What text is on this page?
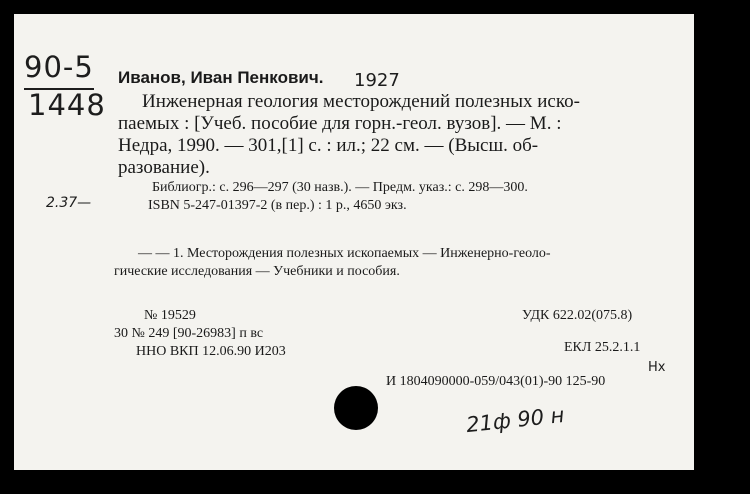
90-5
1448
Иванов, Иван Пенкович. 1927
Инженерная геология месторождений полезных иско-
паемых : [Учеб. пособие для горн.-геол. вузов]. — М. :
Недра, 1990. — 301,[1] с. : ил.; 22 см. — (Высш. об-
разование).
Библиогр.: с. 296—297 (30 назв.). — Предм. указ.: с. 298—300.
2.37—	ISBN 5-247-01397-2 (в пер.) : 1 р., 4650 экз.
— — 1. Месторождения полезных ископаемых — Инженерно-геоло-
гические исследования — Учебники и пособия.
№ 19529	УДК 622.02(075.8)
30 № 249 [90-26983] п вс
ННО ВКП 12.06.90 И203	ЕКЛ 25.2.1.1
Нх
И 1804090000-059/043(01)-90 125-90
21ф 90 н
